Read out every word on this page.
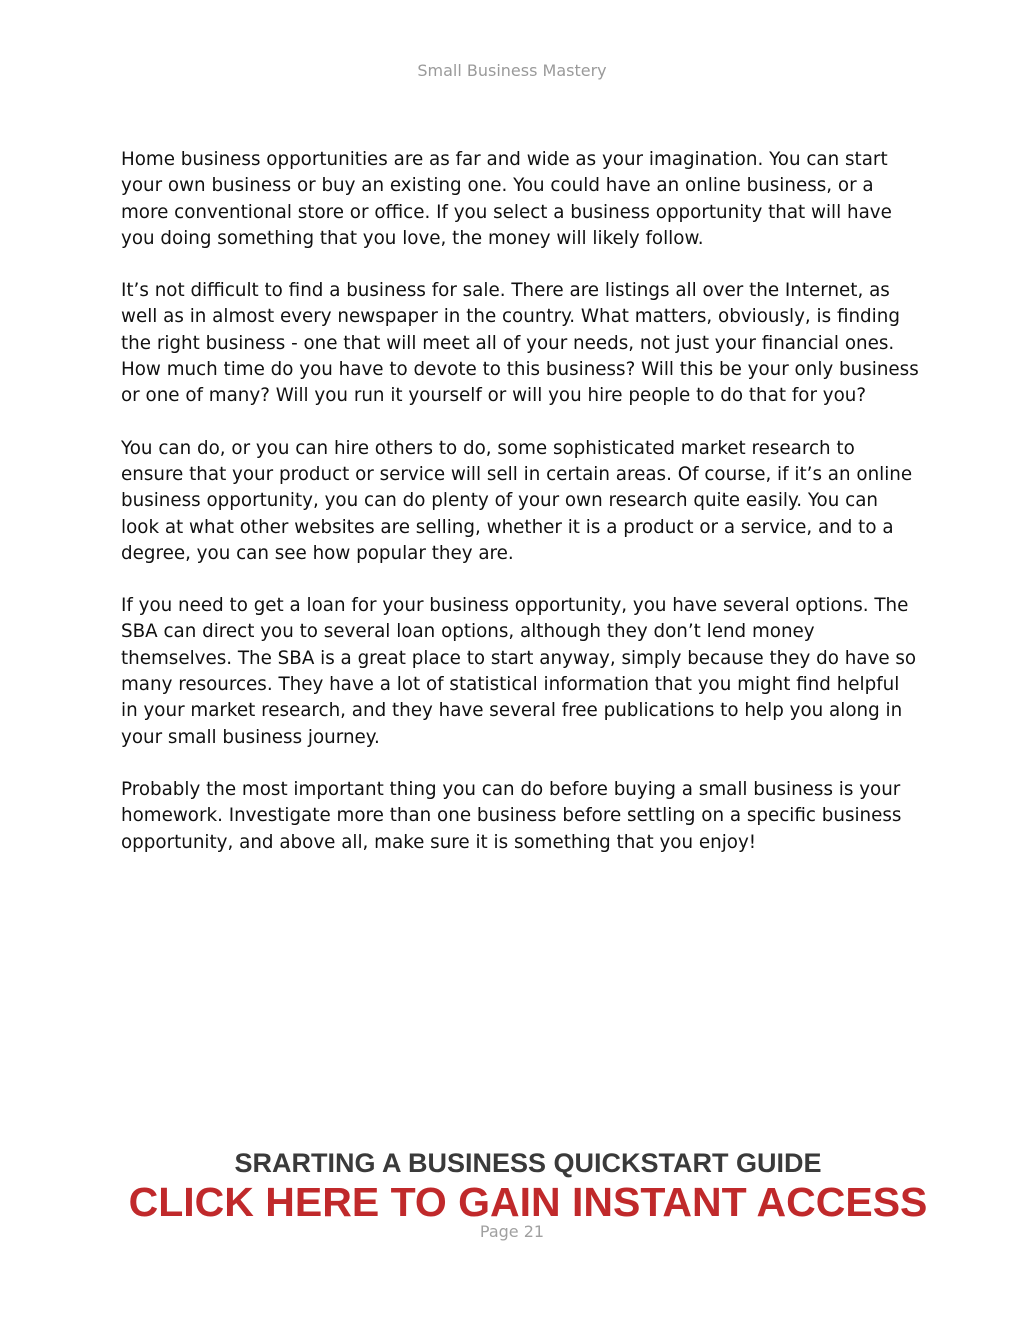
Small Business Mastery

Home business opportunities are as far and wide as your imagination. You can start your own business or buy an existing one. You could have an online business, or a more conventional store or office. If you select a business opportunity that will have you doing something that you love, the money will likely follow.

It’s not difficult to find a business for sale. There are listings all over the Internet, as well as in almost every newspaper in the country. What matters, obviously, is finding the right business - one that will meet all of your needs, not just your financial ones. How much time do you have to devote to this business? Will this be your only business or one of many? Will you run it yourself or will you hire people to do that for you?

You can do, or you can hire others to do, some sophisticated market research to ensure that your product or service will sell in certain areas. Of course, if it’s an online business opportunity, you can do plenty of your own research quite easily. You can look at what other websites are selling, whether it is a product or a service, and to a degree, you can see how popular they are.

If you need to get a loan for your business opportunity, you have several options. The SBA can direct you to several loan options, although they don’t lend money themselves. The SBA is a great place to start anyway, simply because they do have so many resources. They have a lot of statistical information that you might find helpful in your market research, and they have several free publications to help you along in your small business journey.

Probably the most important thing you can do before buying a small business is your homework. Investigate more than one business before settling on a specific business opportunity, and above all, make sure it is something that you enjoy!

SRARTING A BUSINESS QUICKSTART GUIDE
CLICK HERE TO GAIN INSTANT ACCESS
Page 21
